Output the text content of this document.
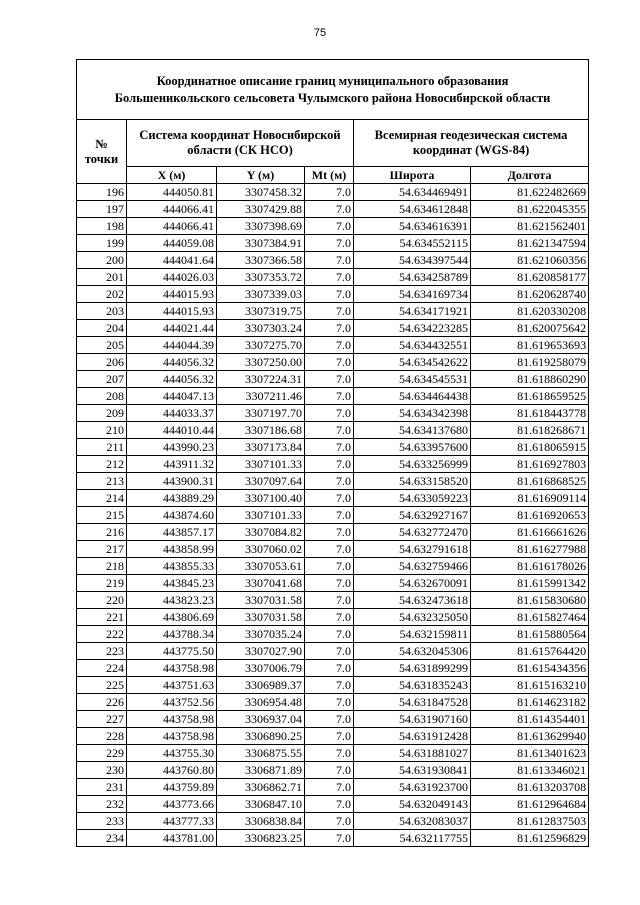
75
Координатное описание границ муниципального образования
Большеникольского сельсовета Чулымского района Новосибирской области					

№ точки	Система координат Новосибирской области (СК НСО)			Всемирная геодезическая система координат (WGS-84)	
	X (м)	Y (м)	Mt (м)	Широта	Долгота
196	444050.81	3307458.32	7.0	54.634469491	81.622482669
197	444066.41	3307429.88	7.0	54.634612848	81.622045355
198	444066.41	3307398.69	7.0	54.634616391	81.621562401
199	444059.08	3307384.91	7.0	54.634552115	81.621347594
200	444041.64	3307366.58	7.0	54.634397544	81.621060356
201	444026.03	3307353.72	7.0	54.634258789	81.620858177
202	444015.93	3307339.03	7.0	54.634169734	81.620628740
203	444015.93	3307319.75	7.0	54.634171921	81.620330208
204	444021.44	3307303.24	7.0	54.634223285	81.620075642
205	444044.39	3307275.70	7.0	54.634432551	81.619653693
206	444056.32	3307250.00	7.0	54.634542622	81.619258079
207	444056.32	3307224.31	7.0	54.634545531	81.618860290
208	444047.13	3307211.46	7.0	54.634464438	81.618659525
209	444033.37	3307197.70	7.0	54.634342398	81.618443778
210	444010.44	3307186.68	7.0	54.634137680	81.618268671
211	443990.23	3307173.84	7.0	54.633957600	81.618065915
212	443911.32	3307101.33	7.0	54.633256999	81.616927803
213	443900.31	3307097.64	7.0	54.633158520	81.616868525
214	443889.29	3307100.40	7.0	54.633059223	81.616909114
215	443874.60	3307101.33	7.0	54.632927167	81.616920653
216	443857.17	3307084.82	7.0	54.632772470	81.616661626
217	443858.99	3307060.02	7.0	54.632791618	81.616277988
218	443855.33	3307053.61	7.0	54.632759466	81.616178026
219	443845.23	3307041.68	7.0	54.632670091	81.615991342
220	443823.23	3307031.58	7.0	54.632473618	81.615830680
221	443806.69	3307031.58	7.0	54.632325050	81.615827464
222	443788.34	3307035.24	7.0	54.632159811	81.615880564
223	443775.50	3307027.90	7.0	54.632045306	81.615764420
224	443758.98	3307006.79	7.0	54.631899299	81.615434356
225	443751.63	3306989.37	7.0	54.631835243	81.615163210
226	443752.56	3306954.48	7.0	54.631847528	81.614623182
227	443758.98	3306937.04	7.0	54.631907160	81.614354401
228	443758.98	3306890.25	7.0	54.631912428	81.613629940
229	443755.30	3306875.55	7.0	54.631881027	81.613401623
230	443760.80	3306871.89	7.0	54.631930841	81.613346021
231	443759.89	3306862.71	7.0	54.631923700	81.613203708
232	443773.66	3306847.10	7.0	54.632049143	81.612964684
233	443777.33	3306838.84	7.0	54.632083037	81.612837503
234	443781.00	3306823.25	7.0	54.632117755	81.612596829
